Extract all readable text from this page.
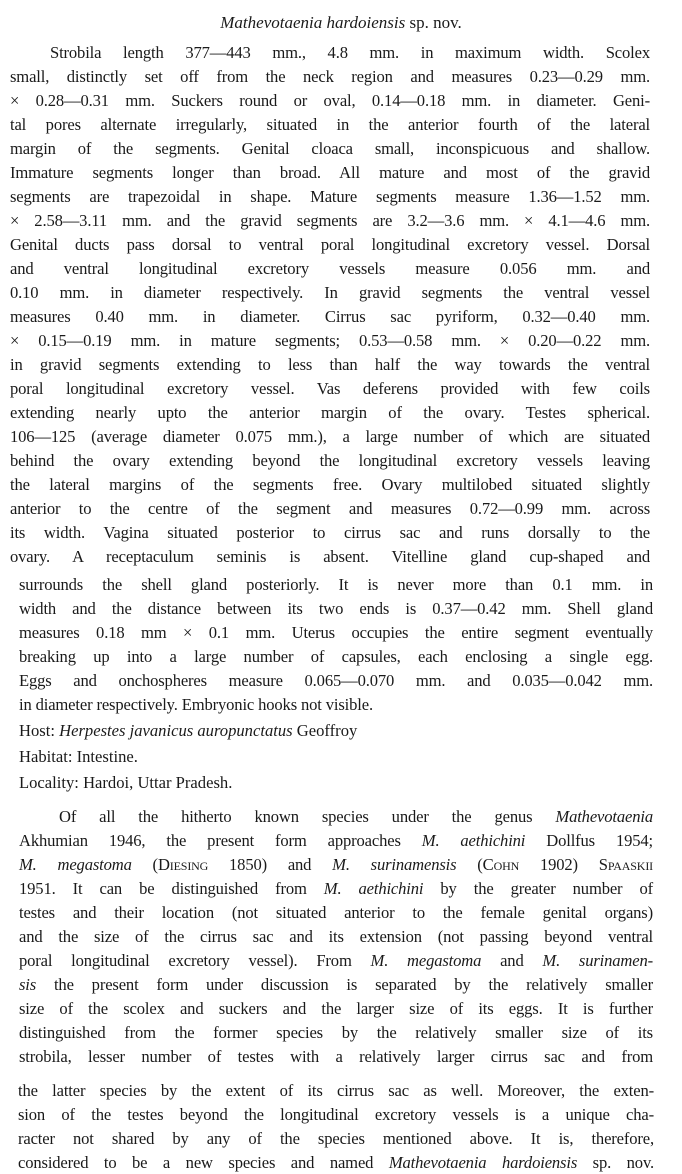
Mathevotaenia hardoiensis sp. nov.
Strobila length 377—443 mm., 4.8 mm. in maximum width. Scolex
small, distinctly set off from the neck region and measures 0.23—0.29 mm.
× 0.28—0.31 mm. Suckers round or oval, 0.14—0.18 mm. in diameter. Geni-
tal pores alternate irregularly, situated in the anterior fourth of the lateral
margin of the segments. Genital cloaca small, inconspicuous and shallow.
Immature segments longer than broad. All mature and most of the gravid
segments are trapezoidal in shape. Mature segments measure 1.36—1.52 mm.
× 2.58—3.11 mm. and the gravid segments are 3.2—3.6 mm. × 4.1—4.6 mm.
Genital ducts pass dorsal to ventral poral longitudinal excretory vessel. Dorsal
and ventral longitudinal excretory vessels measure 0.056 mm. and
0.10 mm. in diameter respectively. In gravid segments the ventral vessel
measures 0.40 mm. in diameter. Cirrus sac pyriform, 0.32—0.40 mm.
× 0.15—0.19 mm. in mature segments; 0.53—0.58 mm. × 0.20—0.22 mm.
in gravid segments extending to less than half the way towards the ventral
poral longitudinal excretory vessel. Vas deferens provided with few coils
extending nearly upto the anterior margin of the ovary. Testes spherical.
106—125 (average diameter 0.075 mm.), a large number of which are situated
behind the ovary extending beyond the longitudinal excretory vessels leaving
the lateral margins of the segments free. Ovary multilobed situated slightly
anterior to the centre of the segment and measures 0.72—0.99 mm. across
its width. Vagina situated posterior to cirrus sac and runs dorsally to the
ovary. A receptaculum seminis is absent. Vitelline gland cup-shaped and
surrounds the shell gland posteriorly. It is never more than 0.1 mm. in
width and the distance between its two ends is 0.37—0.42 mm. Shell gland
measures 0.18 mm × 0.1 mm. Uterus occupies the entire segment eventually
breaking up into a large number of capsules, each enclosing a single egg.
Eggs and onchospheres measure 0.065—0.070 mm. and 0.035—0.042 mm.
in diameter respectively. Embryonic hooks not visible.
Host: Herpestes javanicus auropunctatus Geoffroy
Habitat: Intestine.
Locality: Hardoi, Uttar Pradesh.
Of all the hitherto known species under the genus Mathevotaenia
Akhumian 1946, the present form approaches M. aethichini Dollfus 1954;
M. megastoma (Diesing 1850) and M. surinamensis (Cohn 1902) Spaaskii
1951. It can be distinguished from M. aethichini by the greater number of
testes and their location (not situated anterior to the female genital organs)
and the size of the cirrus sac and its extension (not passing beyond ventral
poral longitudinal excretory vessel). From M. megastoma and M. surinamen-
sis the present form under discussion is separated by the relatively smaller
size of the scolex and suckers and the larger size of its eggs. It is further
distinguished from the former species by the relatively smaller size of its
strobila, lesser number of testes with a relatively larger cirrus sac and from
the latter species by the extent of its cirrus sac as well. Moreover, the exten-
sion of the testes beyond the longitudinal excretory vessels is a unique cha-
racter not shared by any of the species mentioned above. It is, therefore,
considered to be a new species and named Mathevotaenia hardoiensis sp. nov.
